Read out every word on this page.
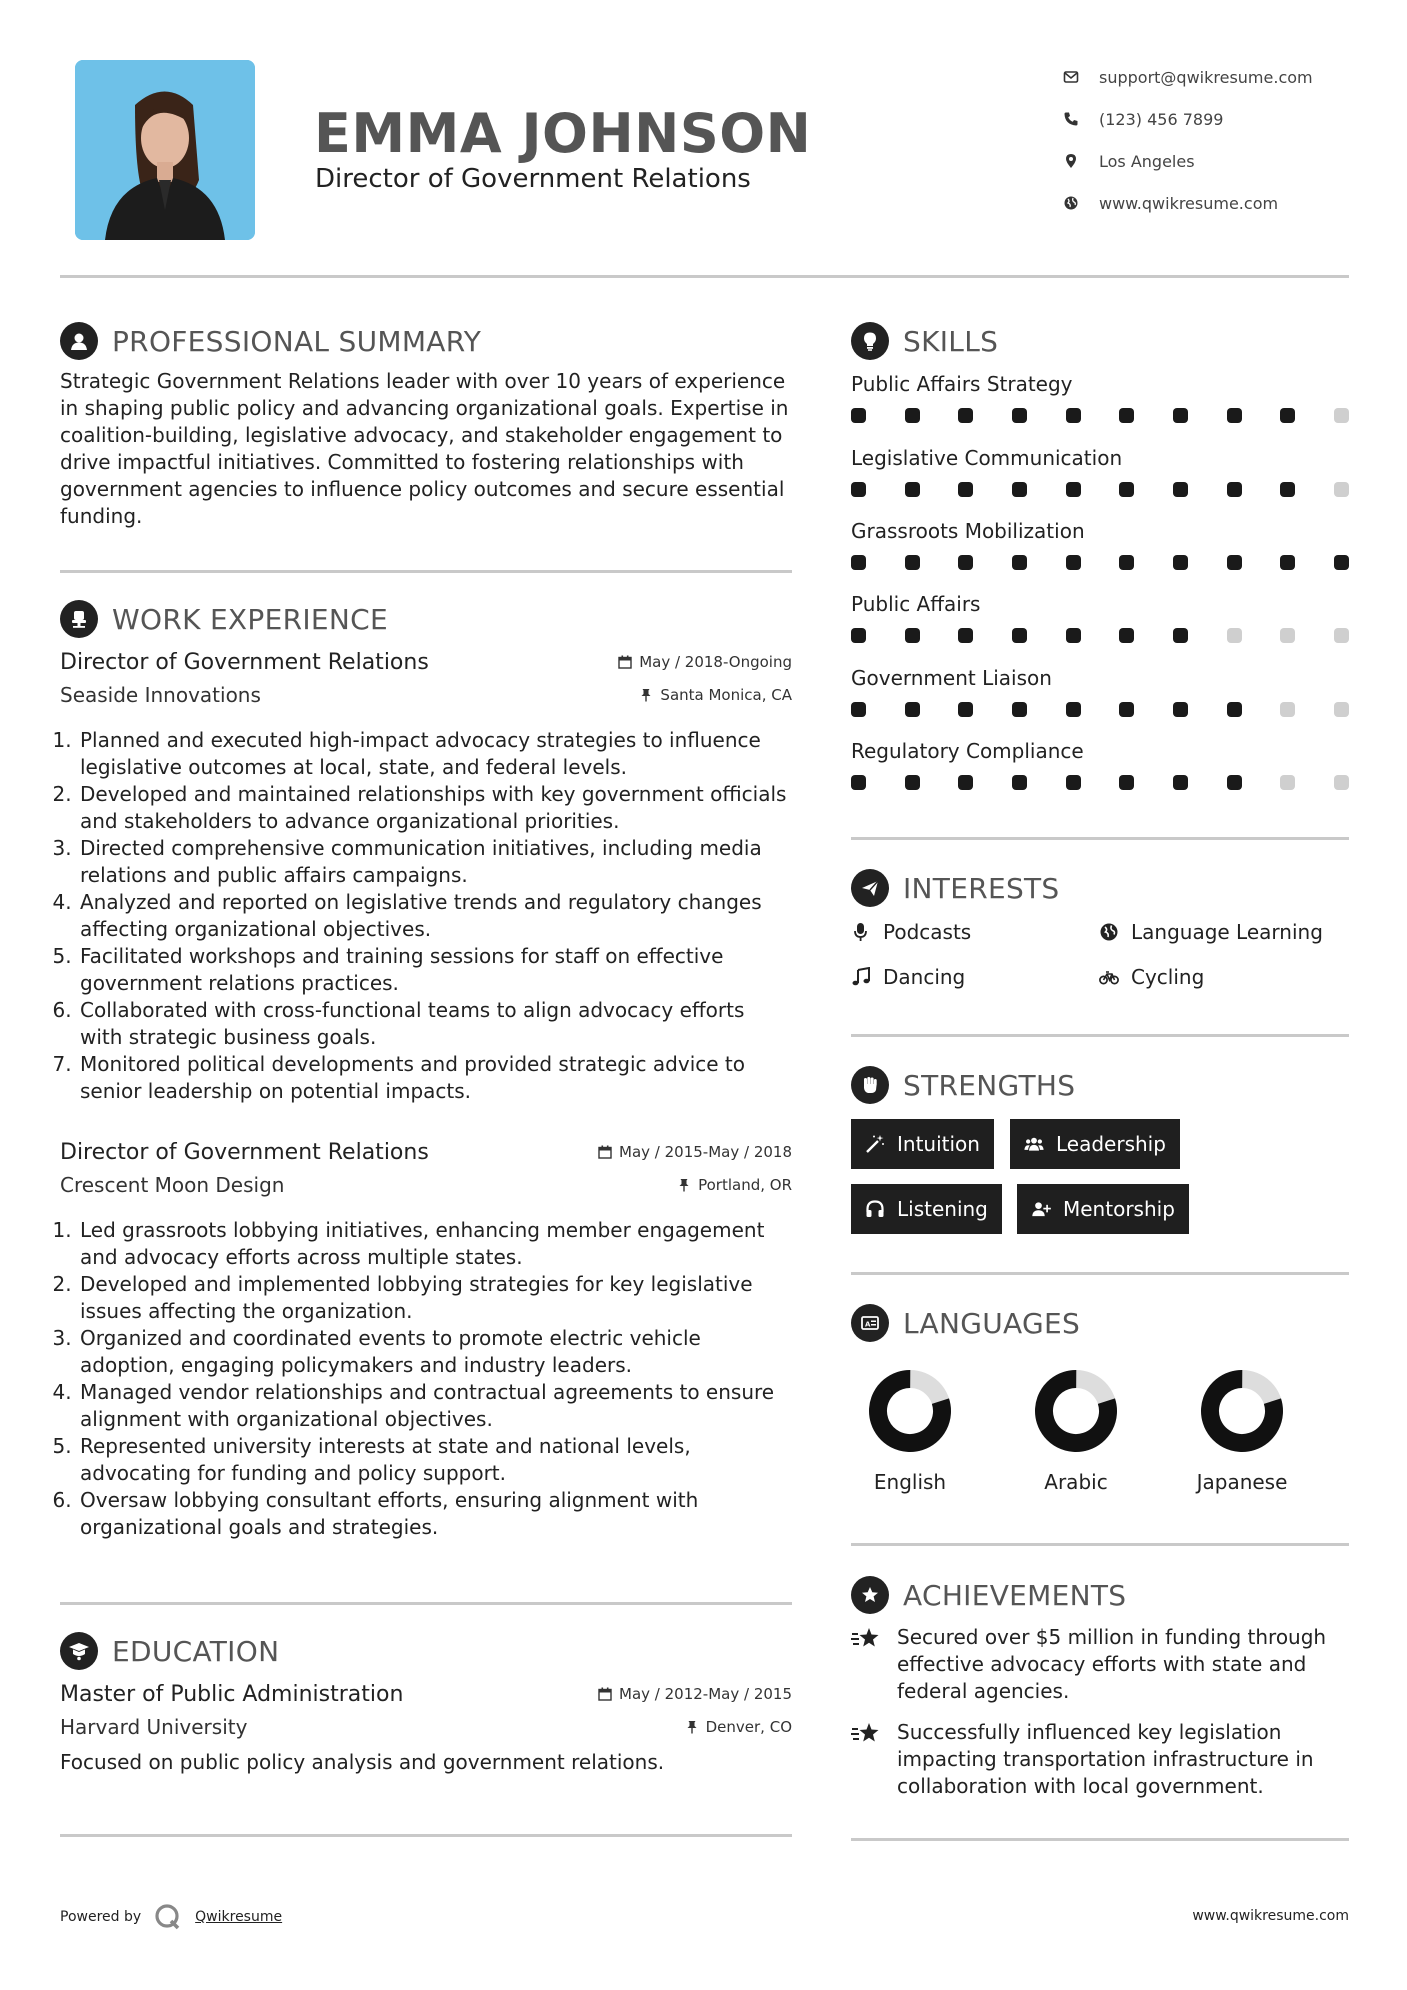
EMMA JOHNSON
Director of Government Relations
support@qwikresume.com
(123) 456 7899
Los Angeles
www.qwikresume.com
PROFESSIONAL SUMMARY
Strategic Government Relations leader with over 10 years of experience in shaping public policy and advancing organizational goals. Expertise in coalition-building, legislative advocacy, and stakeholder engagement to drive impactful initiatives. Committed to fostering relationships with government agencies to influence policy outcomes and secure essential funding.
WORK EXPERIENCE
Director of Government Relations	May / 2018-Ongoing
Seaside Innovations	Santa Monica, CA
1. Planned and executed high-impact advocacy strategies to influence legislative outcomes at local, state, and federal levels.
2. Developed and maintained relationships with key government officials and stakeholders to advance organizational priorities.
3. Directed comprehensive communication initiatives, including media relations and public affairs campaigns.
4. Analyzed and reported on legislative trends and regulatory changes affecting organizational objectives.
5. Facilitated workshops and training sessions for staff on effective government relations practices.
6. Collaborated with cross-functional teams to align advocacy efforts with strategic business goals.
7. Monitored political developments and provided strategic advice to senior leadership on potential impacts.
Director of Government Relations	May / 2015-May / 2018
Crescent Moon Design	Portland, OR
1. Led grassroots lobbying initiatives, enhancing member engagement and advocacy efforts across multiple states.
2. Developed and implemented lobbying strategies for key legislative issues affecting the organization.
3. Organized and coordinated events to promote electric vehicle adoption, engaging policymakers and industry leaders.
4. Managed vendor relationships and contractual agreements to ensure alignment with organizational objectives.
5. Represented university interests at state and national levels, advocating for funding and policy support.
6. Oversaw lobbying consultant efforts, ensuring alignment with organizational goals and strategies.
EDUCATION
Master of Public Administration	May / 2012-May / 2015
Harvard University	Denver, CO
Focused on public policy analysis and government relations.
SKILLS
Public Affairs Strategy
Legislative Communication
Grassroots Mobilization
Public Affairs
Government Liaison
Regulatory Compliance
INTERESTS
Podcasts	Language Learning
Dancing	Cycling
STRENGTHS
Intuition	Leadership
Listening	Mentorship
A LANGUAGES
English	Arabic	Japanese
ACHIEVEMENTS
Secured over $5 million in funding through effective advocacy efforts with state and federal agencies.
Successfully influenced key legislation impacting transportation infrastructure in collaboration with local government.
Powered by	Qwikresume	www.qwikresume.com
